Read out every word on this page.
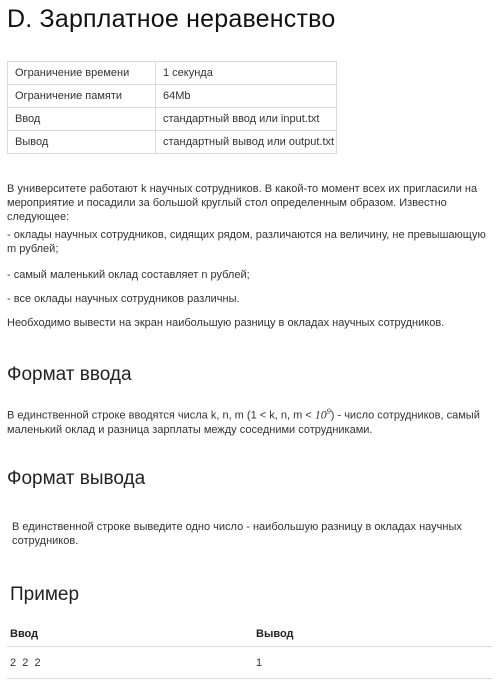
D. Зарплатное неравенство
Ограничение времени	1 секунда
Ограничение памяти	64Mb
Ввод	стандартный ввод или input.txt
Вывод	стандартный вывод или output.txt

В университете работают k научных сотрудников. В какой-то момент всех их пригласили на мероприятие и посадили за большой круглый стол определенным образом. Известно следующее:

- оклады научных сотрудников, сидящих рядом, различаются на величину, не превышающую m рублей;

- самый маленький оклад составляет n рублей;

- все оклады научных сотрудников различны.

Необходимо вывести на экран наибольшую разницу в окладах научных сотрудников.

Формат ввода

В единственной строке вводятся числа k, n, m (1 < k, n, $m < 10^9$) - число сотрудников, самый маленький оклад и разница зарплаты между соседними сотрудниками.

Формат вывода

В единственной строке выведите одно число - наибольшую разницу в окладах научных сотрудников.

Пример
Ввод	Вывод
2  2  2	1
